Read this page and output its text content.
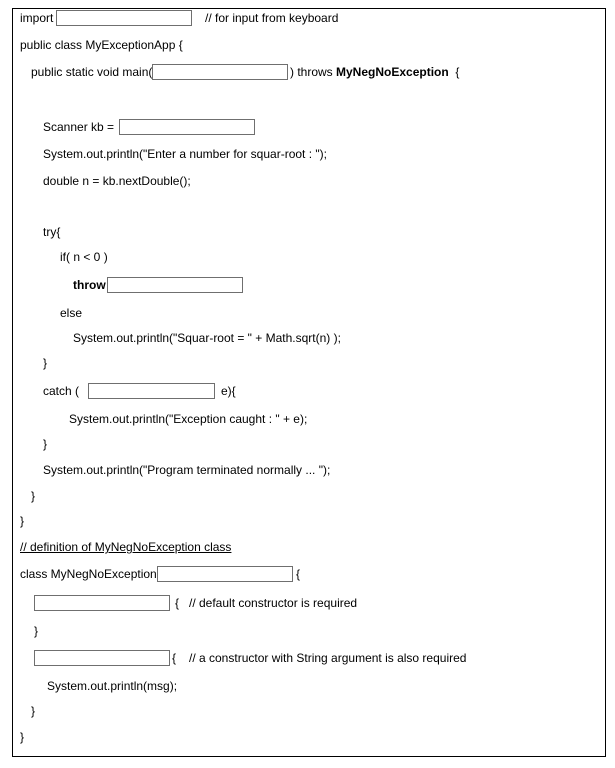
import	// for input from keyboard
public class MyExceptionApp {
public static void main(	) throws MyNegNoException {
Scanner kb =
System.out.println("Enter a number for squar-root : ");
double n = kb.nextDouble();
try{
if( n < 0 )
throw
else
System.out.println("Squar-root = " + Math.sqrt(n) );
}
catch (	e){
System.out.println("Exception caught : " + e);
}
System.out.println("Program terminated normally ... ");
}
}
// definition of MyNegNoException class
class MyNegNoException	{
{ // default constructor is required
}
{ // a constructor with String argument is also required
System.out.println(msg);
}
}
